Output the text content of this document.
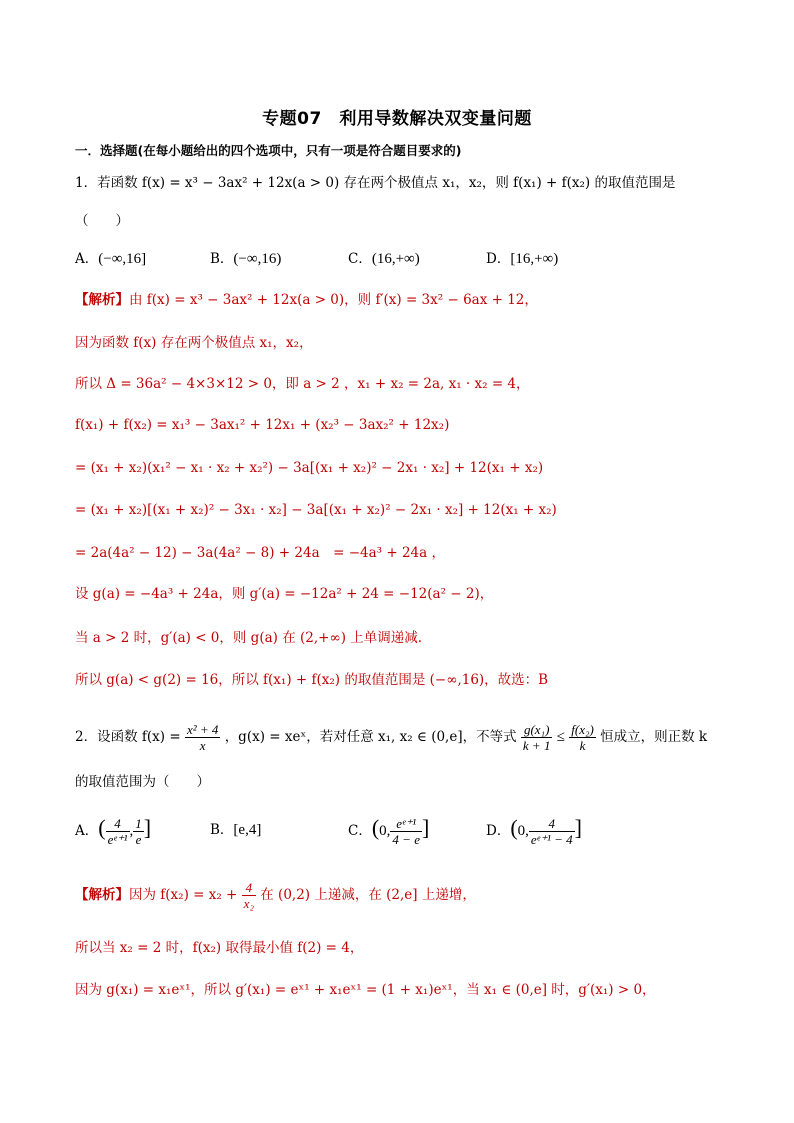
专题07　利用导数解决双变量问题
一．选择题(在每小题给出的四个选项中，只有一项是符合题目要求的)
1．若函数 f(x) = x³ − 3ax² + 12x(a > 0) 存在两个极值点 x₁，x₂，则 f(x₁) + f(x₂) 的取值范围是
（　　）
A．(−∞,16]	B．(−∞,16)	C．(16,+∞)	D．[16,+∞)
【解析】由 f(x) = x³ − 3ax² + 12x(a > 0)，则 f′(x) = 3x² − 6ax + 12，
因为函数 f(x) 存在两个极值点 x₁，x₂，
所以 Δ = 36a² − 4×3×12 > 0，即 a > 2 ，x₁ + x₂ = 2a, x₁ · x₂ = 4，
f(x₁) + f(x₂) = x₁³ − 3ax₁² + 12x₁ + (x₂³ − 3ax₂² + 12x₂)
= (x₁ + x₂)(x₁² − x₁ · x₂ + x₂²) − 3a[(x₁ + x₂)² − 2x₁ · x₂] + 12(x₁ + x₂)
= (x₁ + x₂)[(x₁ + x₂)² − 3x₁ · x₂] − 3a[(x₁ + x₂)² − 2x₁ · x₂] + 12(x₁ + x₂)
= 2a(4a² − 12) − 3a(4a² − 8) + 24a　= −4a³ + 24a ，
设 g(a) = −4a³ + 24a，则 g′(a) = −12a² + 24 = −12(a² − 2)，
当 a > 2 时，g′(a) < 0，则 g(a) 在 (2,+∞) 上单调递减.
所以 g(a) < g(2) = 16，所以 f(x₁) + f(x₂) 的取值范围是 (−∞,16)，故选：B
2．设函数 $f(x) = \frac{\text{x² + 4}}{x}$ ，g(x) = xeˣ，若对任意 x₁, x₂ ∈ (0,e]，不等式 $\frac{\text{g(x₁)}}{k + 1} \le \frac{\text{f(x₂)}}{k}$ 恒成立，则正数 k
的取值范围为（　　）
A．( $\frac{4}{\text{eᵉ⁺¹}}$ , $\frac{1}{e}$ ]	B．[e,4]	C．(0, $\frac{\text{eᵉ⁺¹}}{4 - e}$ ]	D．(0, $\frac{4}{\text{eᵉ⁺¹ − 4}}$ ]
【解析】因为 $f(x_2) = x_2 + \frac{4}{\text{x₂}}$ 在 (0,2) 上递减，在 (2,e] 上递增，
所以当 x₂ = 2 时，f(x₂) 取得最小值 f(2) = 4，
因为 g(x₁) = x₁eˣ¹，所以 g′(x₁) = eˣ¹ + x₁eˣ¹ = (1 + x₁)eˣ¹，当 x₁ ∈ (0,e] 时，g′(x₁) > 0，
